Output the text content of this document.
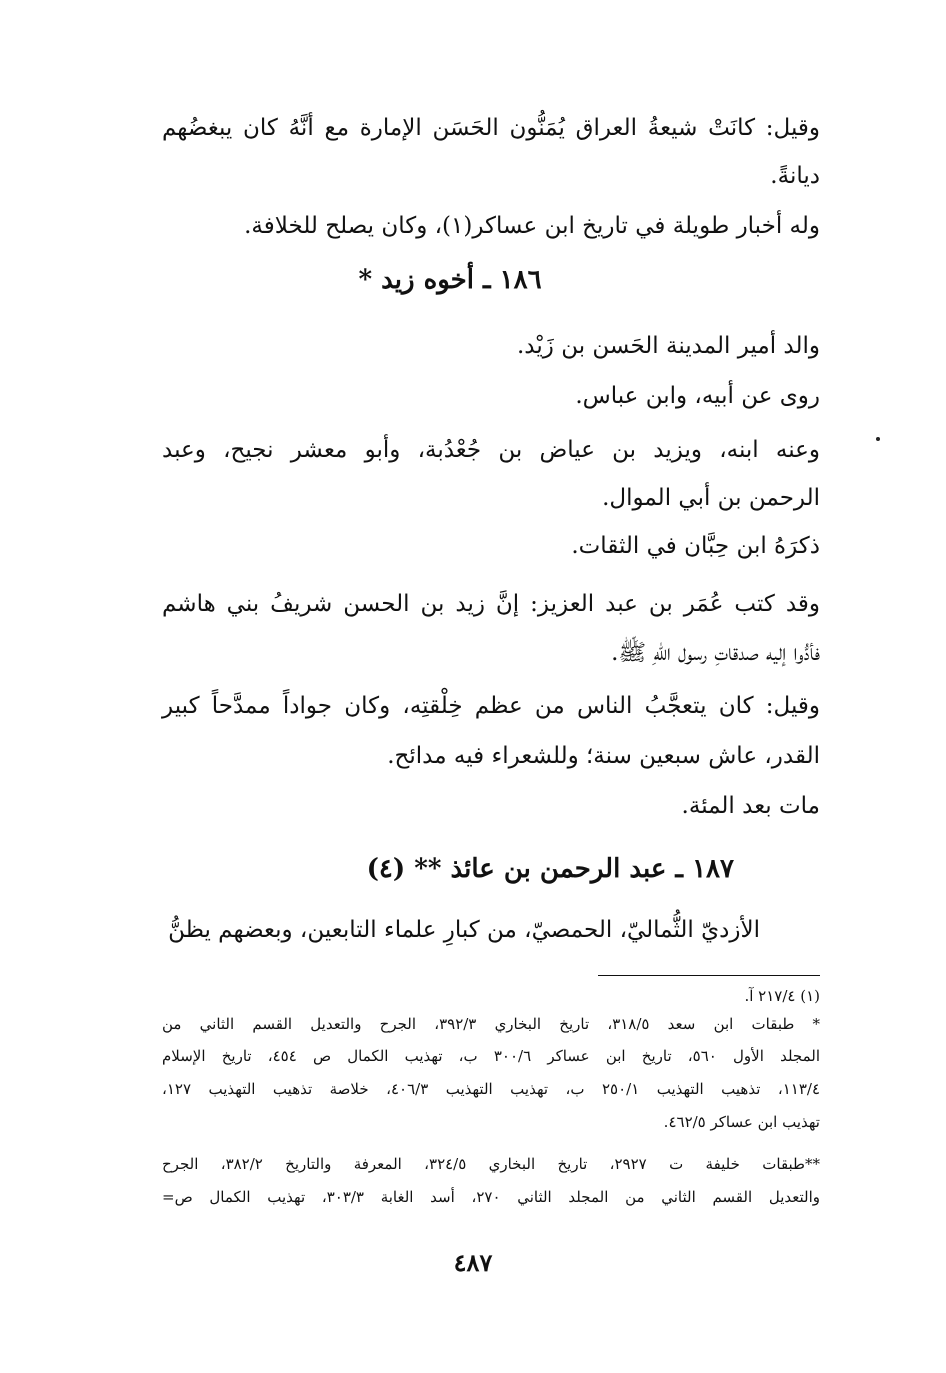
وقيل: كانَتْ شيعةُ العراق يُمَنُّون الحَسَن الإمارة مع أنَّهُ كان يبغضُهم
ديانةً.
وله أخبار طويلة في تاريخ ابن عساكر(١)، وكان يصلح للخلافة.
١٨٦ ـ أخوه زيد *
والد أمير المدينة الحَسن بن زَيْد.
روى عن أبيه، وابن عباس.
وعنه ابنه، ويزيد بن عياض بن جُعْدُبة، وأبو معشر نجيح، وعبد
الرحمن بن أبي الموال.
ذكرَهُ ابن حِبَّان في الثقات.
وقد كتب عُمَر بن عبد العزيز: إنَّ زيد بن الحسن شريفُ بني هاشم
فأدُّوا إليه صدقاتِ رسول اللهِ ﷺ.
وقيل: كان يتعجَّبُ الناس من عظم خِلْقتِه، وكان جواداً ممدَّحاً كبير
القدر، عاش سبعين سنة؛ وللشعراء فيه مدائح.
مات بعد المئة.
١٨٧ ـ عبد الرحمن بن عائذ ** (٤)
الأزديّ الثُّماليّ، الحمصيّ، من كبارِ علماء التابعين، وبعضهم يظنُّ
(١) ٢١٧/٤ آ.
* طبقات ابن سعد ٣١٨/٥، تاريخ البخاري ٣٩٢/٣، الجرح والتعديل القسم الثاني من
المجلد الأول ٥٦٠، تاريخ ابن عساكر ٣٠٠/٦ ب، تهذيب الكمال ص ٤٥٤، تاريخ الإسلام
١١٣/٤، تذهيب التهذيب ٢٥٠/١ ب، تهذيب التهذيب ٤٠٦/٣، خلاصة تذهيب التهذيب ١٢٧،
تهذيب ابن عساكر ٤٦٢/٥.
**طبقات خليفة ت ٢٩٢٧، تاريخ البخاري ٣٢٤/٥، المعرفة والتاريخ ٣٨٢/٢، الجرح
والتعديل القسم الثاني من المجلد الثاني ٢٧٠، أسد الغابة ٣٠٣/٣، تهذيب الكمال ص=
٤٨٧
